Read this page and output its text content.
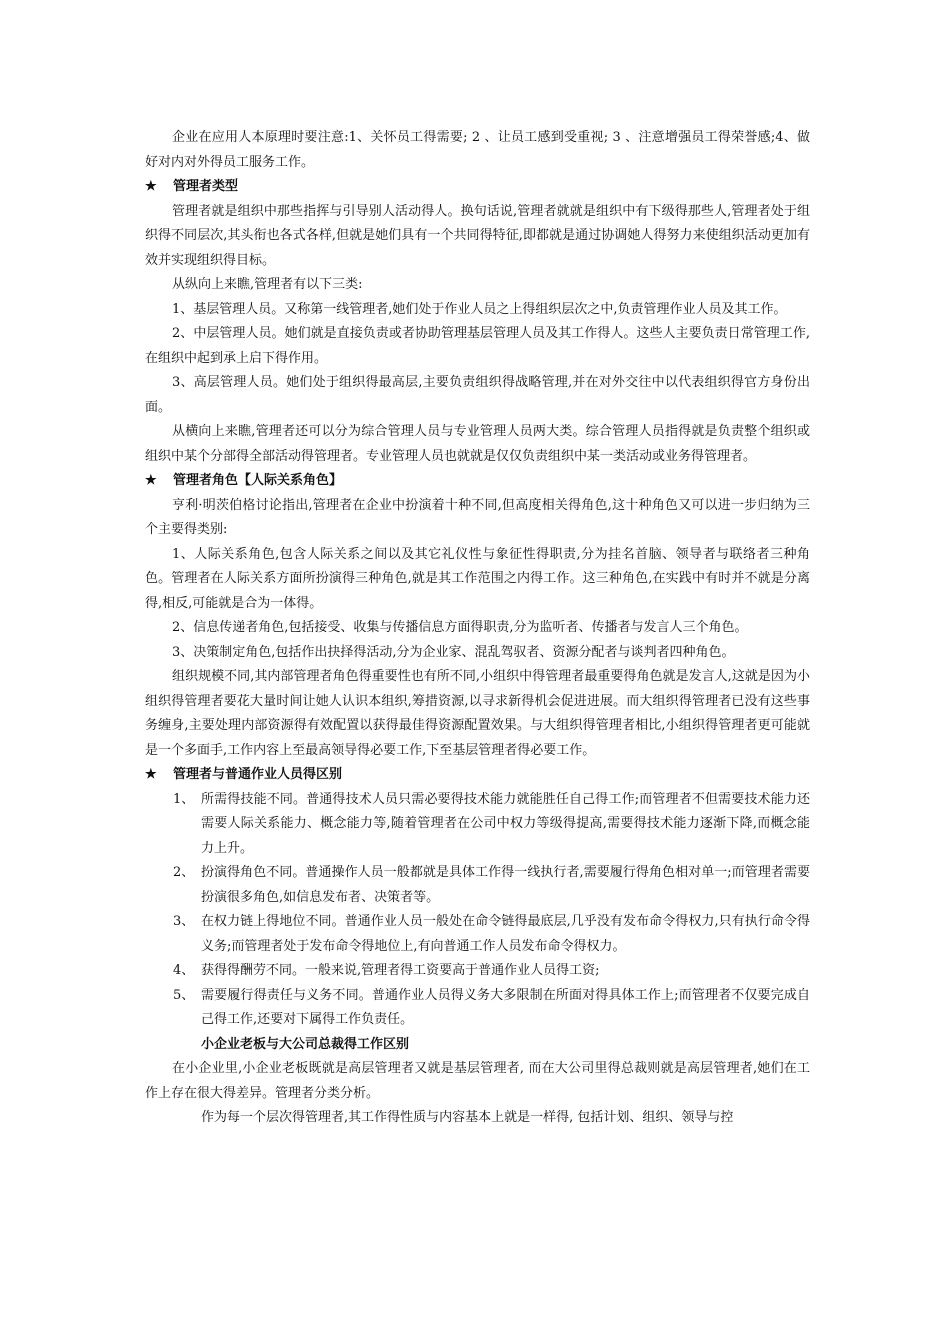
企业在应用人本原理时要注意:1、关怀员工得需要; 2 、让员工感到受重视; 3 、注意增强员工得荣誉感;4、做好对内对外得员工服务工作。

★ 管理者类型

管理者就是组织中那些指挥与引导别人活动得人。换句话说,管理者就就是组织中有下级得那些人,管理者处于组织得不同层次,其头衔也各式各样,但就是她们具有一个共同得特征,即都就是通过协调她人得努力来使组织活动更加有效并实现组织得目标。

从纵向上来瞧,管理者有以下三类:

1、基层管理人员。又称第一线管理者,她们处于作业人员之上得组织层次之中,负责管理作业人员及其工作。

2、中层管理人员。她们就是直接负责或者协助管理基层管理人员及其工作得人。这些人主要负责日常管理工作,在组织中起到承上启下得作用。

3、高层管理人员。她们处于组织得最高层,主要负责组织得战略管理,并在对外交往中以代表组织得官方身份出面。

从横向上来瞧,管理者还可以分为综合管理人员与专业管理人员两大类。综合管理人员指得就是负责整个组织或组织中某个分部得全部活动得管理者。专业管理人员也就就是仅仅负责组织中某一类活动或业务得管理者。

★ 管理者角色【人际关系角色】

亨利·明茨伯格讨论指出,管理者在企业中扮演着十种不同,但高度相关得角色,这十种角色又可以进一步归纳为三个主要得类别:

1、人际关系角色,包含人际关系之间以及其它礼仪性与象征性得职责,分为挂名首脑、领导者与联络者三种角色。管理者在人际关系方面所扮演得三种角色,就是其工作范围之内得工作。这三种角色,在实践中有时并不就是分离得,相反,可能就是合为一体得。

2、信息传递者角色,包括接受、收集与传播信息方面得职责,分为监听者、传播者与发言人三个角色。

3、决策制定角色,包括作出抉择得活动,分为企业家、混乱驾驭者、资源分配者与谈判者四种角色。

组织规模不同,其内部管理者角色得重要性也有所不同,小组织中得管理者最重要得角色就是发言人,这就是因为小组织得管理者要花大量时间让她人认识本组织,筹措资源,以寻求新得机会促进进展。而大组织得管理者已没有这些事务缠身,主要处理内部资源得有效配置以获得最佳得资源配置效果。与大组织得管理者相比,小组织得管理者更可能就是一个多面手,工作内容上至最高领导得必要工作,下至基层管理者得必要工作。

★ 管理者与普通作业人员得区别

1、 所需得技能不同。普通得技术人员只需必要得技术能力就能胜任自己得工作;而管理者不但需要技术能力还需要人际关系能力、概念能力等,随着管理者在公司中权力等级得提高,需要得技术能力逐渐下降,而概念能力上升。
2、 扮演得角色不同。普通操作人员一般都就是具体工作得一线执行者,需要履行得角色相对单一;而管理者需要扮演很多角色,如信息发布者、决策者等。
3、 在权力链上得地位不同。普通作业人员一般处在命令链得最底层,几乎没有发布命令得权力,只有执行命令得义务;而管理者处于发布命令得地位上,有向普通工作人员发布命令得权力。
4、 获得得酬劳不同。一般来说,管理者得工资要高于普通作业人员得工资;
5、 需要履行得责任与义务不同。普通作业人员得义务大多限制在所面对得具体工作上;而管理者不仅要完成自己得工作,还要对下属得工作负责任。

小企业老板与大公司总裁得工作区别

在小企业里,小企业老板既就是高层管理者又就是基层管理者, 而在大公司里得总裁则就是高层管理者,她们在工作上存在很大得差异。管理者分类分析。

作为每一个层次得管理者,其工作得性质与内容基本上就是一样得, 包括计划、组织、领导与控
